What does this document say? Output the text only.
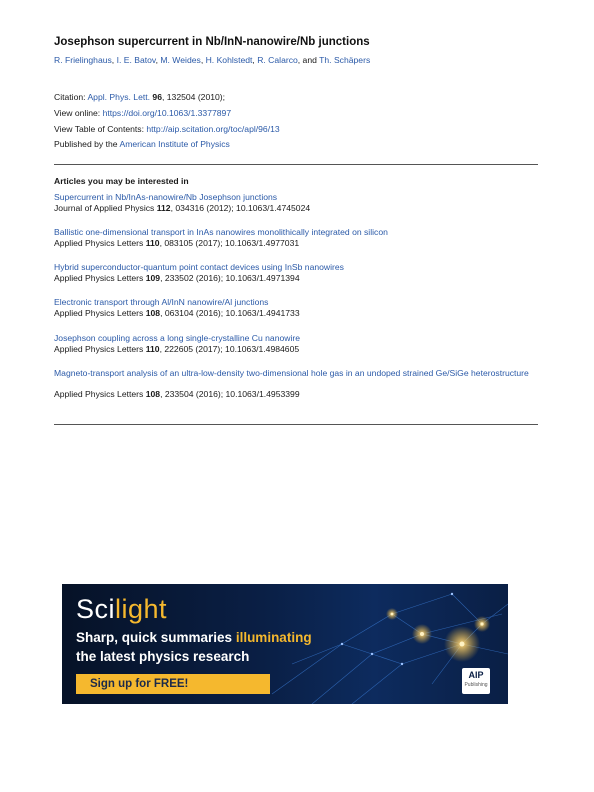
Josephson supercurrent in Nb/InN-nanowire/Nb junctions
R. Frielinghaus, I. E. Batov, M. Weides, H. Kohlstedt, R. Calarco, and Th. Schäpers
Citation: Appl. Phys. Lett. 96, 132504 (2010);
View online: https://doi.org/10.1063/1.3377897
View Table of Contents: http://aip.scitation.org/toc/apl/96/13
Published by the American Institute of Physics
Articles you may be interested in
Supercurrent in Nb/InAs-nanowire/Nb Josephson junctions
Journal of Applied Physics 112, 034316 (2012); 10.1063/1.4745024
Ballistic one-dimensional transport in InAs nanowires monolithically integrated on silicon
Applied Physics Letters 110, 083105 (2017); 10.1063/1.4977031
Hybrid superconductor-quantum point contact devices using InSb nanowires
Applied Physics Letters 109, 233502 (2016); 10.1063/1.4971394
Electronic transport through Al/InN nanowire/Al junctions
Applied Physics Letters 108, 063104 (2016); 10.1063/1.4941733
Josephson coupling across a long single-crystalline Cu nanowire
Applied Physics Letters 110, 222605 (2017); 10.1063/1.4984605
Magneto-transport analysis of an ultra-low-density two-dimensional hole gas in an undoped strained Ge/SiGe heterostructure
Applied Physics Letters 108, 233504 (2016); 10.1063/1.4953399
Scilight
Sharp, quick summaries illuminating
the latest physics research
Sign up for FREE!
AIP
Publishing
